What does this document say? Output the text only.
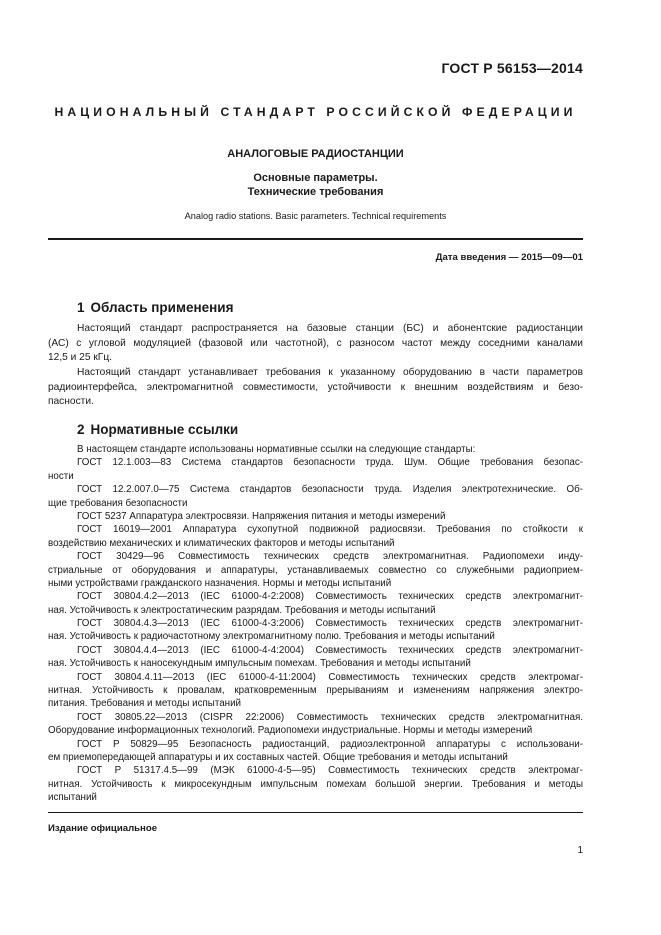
ГОСТ Р 56153—2014
НАЦИОНАЛЬНЫЙ СТАНДАРТ РОССИЙСКОЙ ФЕДЕРАЦИИ
АНАЛОГОВЫЕ РАДИОСТАНЦИИ
Основные параметры.
Технические требования
Analog radio stations. Basic parameters. Technical requirements
Дата введения — 2015—09—01
1 Область применения
Настоящий стандарт распространяется на базовые станции (БС) и абонентские радиостанции
(АС) с угловой модуляцией (фазовой или частотной), с разносом частот между соседними каналами
12,5 и 25 кГц.
Настоящий стандарт устанавливает требования к указанному оборудованию в части параметров
радиоинтерфейса, электромагнитной совместимости, устойчивости к внешним воздействиям и безо-
пасности.
2 Нормативные ссылки
В настоящем стандарте использованы нормативные ссылки на следующие стандарты:
ГОСТ 12.1.003—83 Система стандартов безопасности труда. Шум. Общие требования безопас-
ности
ГОСТ 12.2.007.0—75 Система стандартов безопасности труда. Изделия электротехнические. Об-
щие требования безопасности
ГОСТ 5237 Аппаратура электросвязи. Напряжения питания и методы измерений
ГОСТ 16019—2001 Аппаратура сухопутной подвижной радиосвязи. Требования по стойкости к
воздействию механических и климатических факторов и методы испытаний
ГОСТ 30429—96 Совместимость технических средств электромагнитная. Радиопомехи инду-
стриальные от оборудования и аппаратуры, устанавливаемых совместно со служебными радиоприем-
ными устройствами гражданского назначения. Нормы и методы испытаний
ГОСТ 30804.4.2—2013 (IEC 61000-4-2:2008) Совместимость технических средств электромагнит-
ная. Устойчивость к электростатическим разрядам. Требования и методы испытаний
ГОСТ 30804.4.3—2013 (IEC 61000-4-3:2006) Совместимость технических средств электромагнит-
ная. Устойчивость к радиочастотному электромагнитному полю. Требования и методы испытаний
ГОСТ 30804.4.4—2013 (IEC 61000-4-4:2004) Совместимость технических средств электромагнит-
ная. Устойчивость к наносекундным импульсным помехам. Требования и методы испытаний
ГОСТ 30804.4.11—2013 (IEC 61000-4-11:2004) Совместимость технических средств электромаг-
нитная. Устойчивость к провалам, кратковременным прерываниям и изменениям напряжения электро-
питания. Требования и методы испытаний
ГОСТ 30805.22—2013 (CISPR 22:2006) Совместимость технических средств электромагнитная.
Оборудование информационных технологий. Радиопомехи индустриальные. Нормы и методы измерений
ГОСТ Р 50829—95 Безопасность радиостанций, радиоэлектронной аппаратуры с использовани-
ем приемопередающей аппаратуры и их составных частей. Общие требования и методы испытаний
ГОСТ Р 51317.4.5—99 (МЭК 61000-4-5—95) Совместимость технических средств электромаг-
нитная. Устойчивость к микросекундным импульсным помехам большой энергии. Требования и методы
испытаний
Издание официальное
1
